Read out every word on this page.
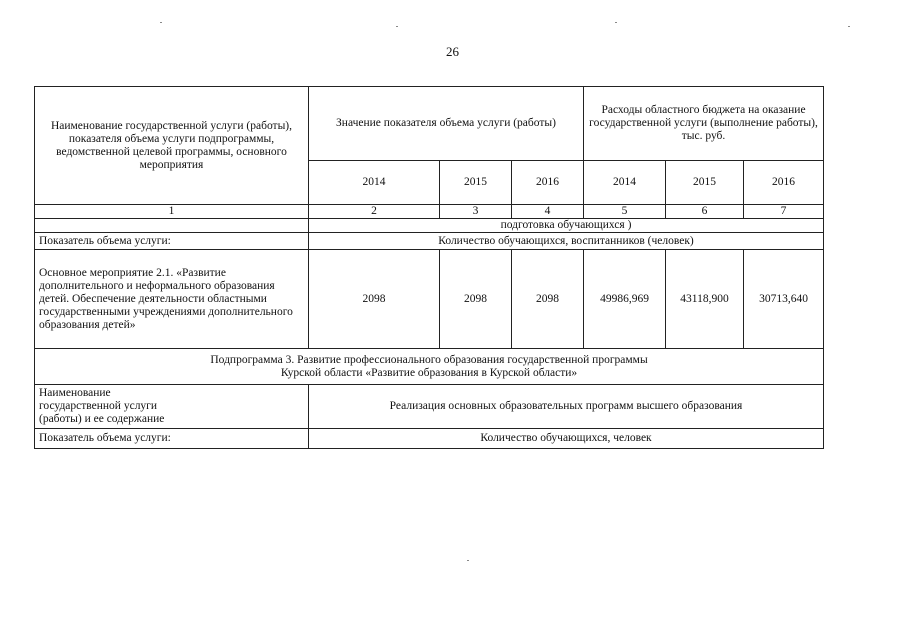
26
Наименование государственной услуги (работы), показателя объема услуги подпрограммы, ведомственной целевой программы, основного мероприятия	Значение показателя объема услуги (работы)			Расходы областного бюджета на оказание государственной услуги (выполнение работы), тыс. руб.		
	2014	2015	2016	2014	2015	2016
1	2	3	4	5	6	7
	подготовка обучающихся )					
Показатель объема услуги:	Количество обучающихся, воспитанников (человек)					
Основное мероприятие 2.1. «Развитие дополнительного и неформального образования детей. Обеспечение деятельности областными государственными учреждениями дополнительного образования детей»	2098	2098	2098	49986,969	43118,900	30713,640
Подпрограмма 3. Развитие профессионального образования государственной программы Курской области «Развитие образования в Курской области»						
Наименование государственной услуги (работы) и ее содержание	Реализация основных образовательных программ высшего образования					
Показатель объема услуги:	Количество обучающихся, человек					
